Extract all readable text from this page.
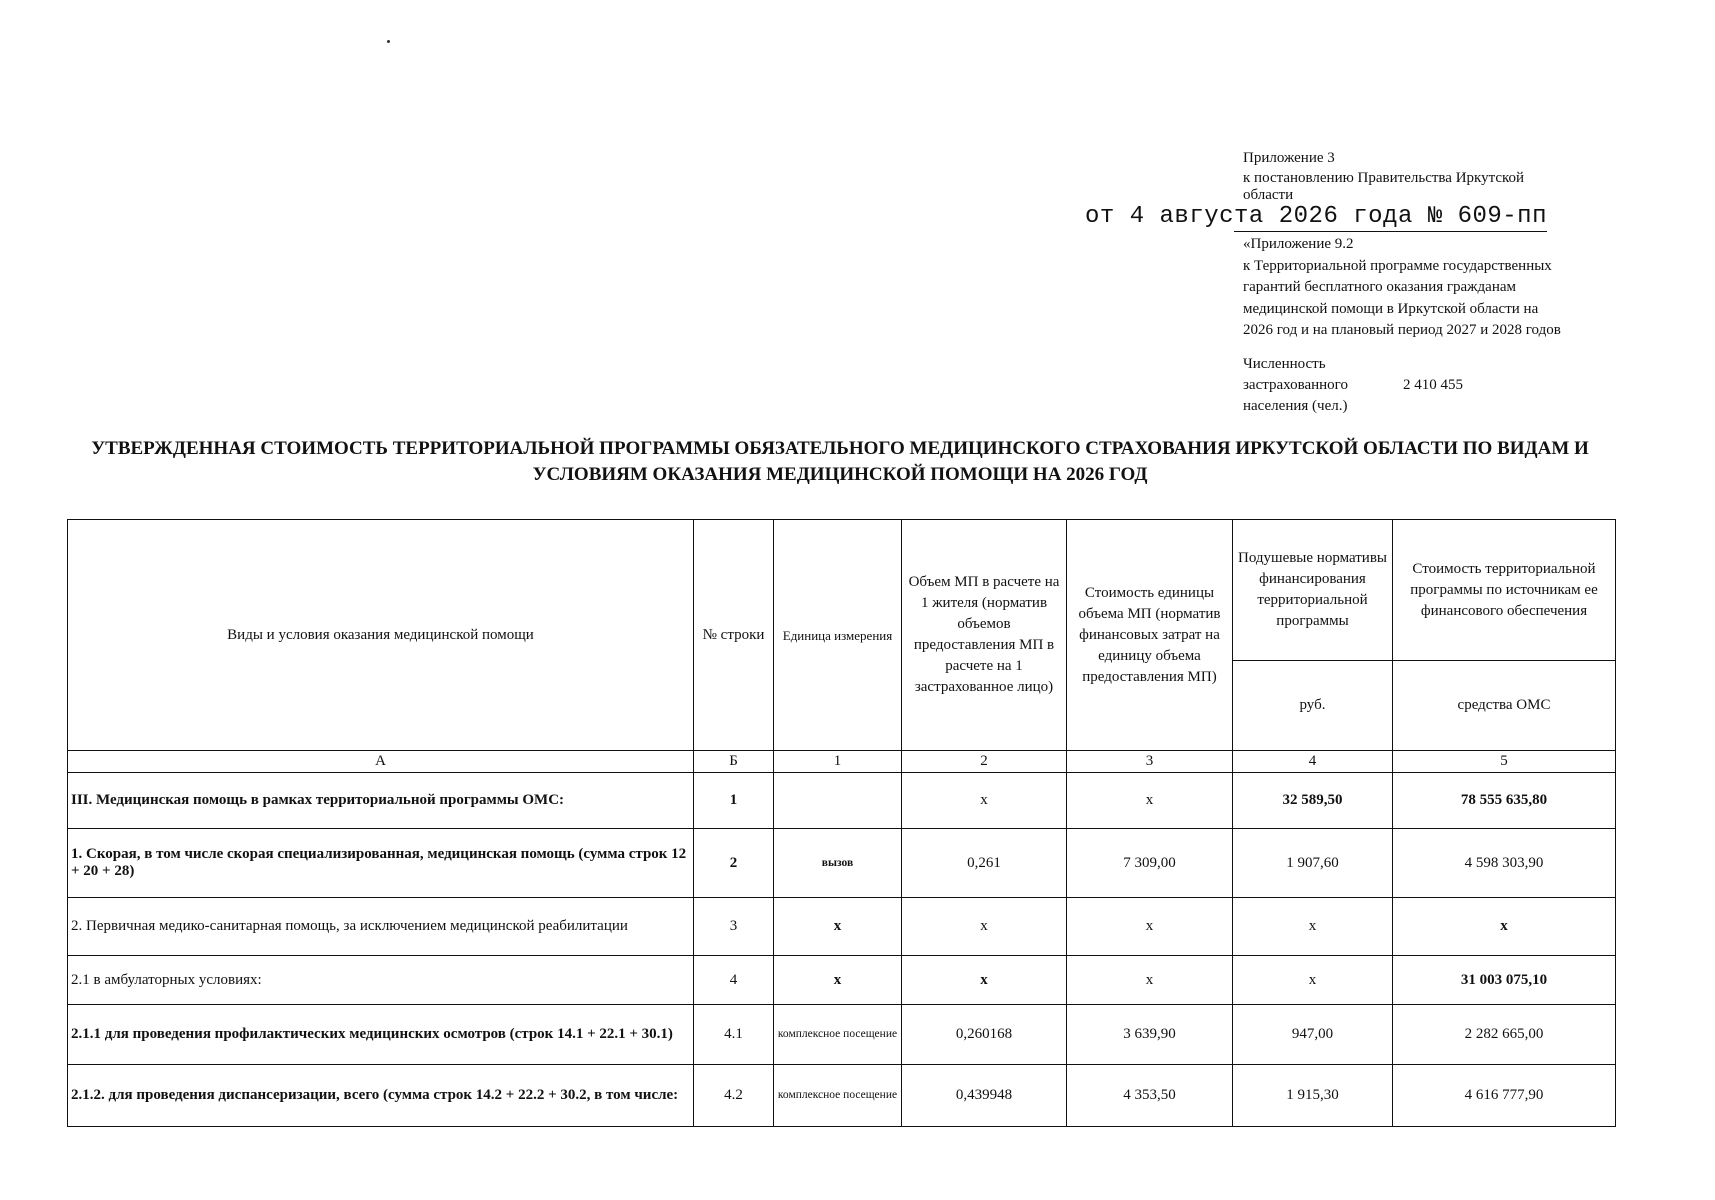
Приложение 3
к постановлению Правительства Иркутской
области
от 4 августа 2026 года № 609-пп
«Приложение 9.2
к Территориальной программе государственных
гарантий бесплатного оказания гражданам
медицинской помощи в Иркутской области на
2026 год и на плановый период 2027 и 2028 годов
Численность
застрахованного	2 410 455
населения (чел.)
УТВЕРЖДЕННАЯ СТОИМОСТЬ ТЕРРИТОРИАЛЬНОЙ ПРОГРАММЫ ОБЯЗАТЕЛЬНОГО МЕДИЦИНСКОГО СТРАХОВАНИЯ ИРКУТСКОЙ ОБЛАСТИ ПО ВИДАМ И УСЛОВИЯМ ОКАЗАНИЯ МЕДИЦИНСКОЙ ПОМОЩИ НА 2026 ГОД
Виды и условия оказания медицинской помощи	№ строки	Единица измерения	Объем МП в расчете на 1 жителя (норматив объемов предоставления МП в расчете на 1 застрахованное лицо)	Стоимость единицы объема МП (норматив финансовых затрат на единицу объема предоставления МП)	Подушевые нормативы финансирования территориальной программы	Стоимость территориальной программы по источникам ее финансового обеспечения
					руб.	средства ОМС
А	Б	1	2	3	4	5
III. Медицинская помощь в рамках территориальной программы ОМС:	1		х	х	32 589,50	78 555 635,80
1. Скорая, в том числе скорая специализированная, медицинская помощь (сумма строк 12 + 20 + 28)	2	вызов	0,261	7 309,00	1 907,60	4 598 303,90
2. Первичная медико-санитарная помощь, за исключением медицинской реабилитации	3	х	х	х	х	х
2.1 в амбулаторных условиях:	4	х	х	х	х	31 003 075,10
2.1.1 для проведения профилактических медицинских осмотров (строк 14.1 + 22.1 + 30.1)	4.1	комплексное посещение	0,260168	3 639,90	947,00	2 282 665,00
2.1.2. для проведения диспансеризации, всего (сумма строк 14.2 + 22.2 + 30.2, в том числе:	4.2	комплексное посещение	0,439948	4 353,50	1 915,30	4 616 777,90
